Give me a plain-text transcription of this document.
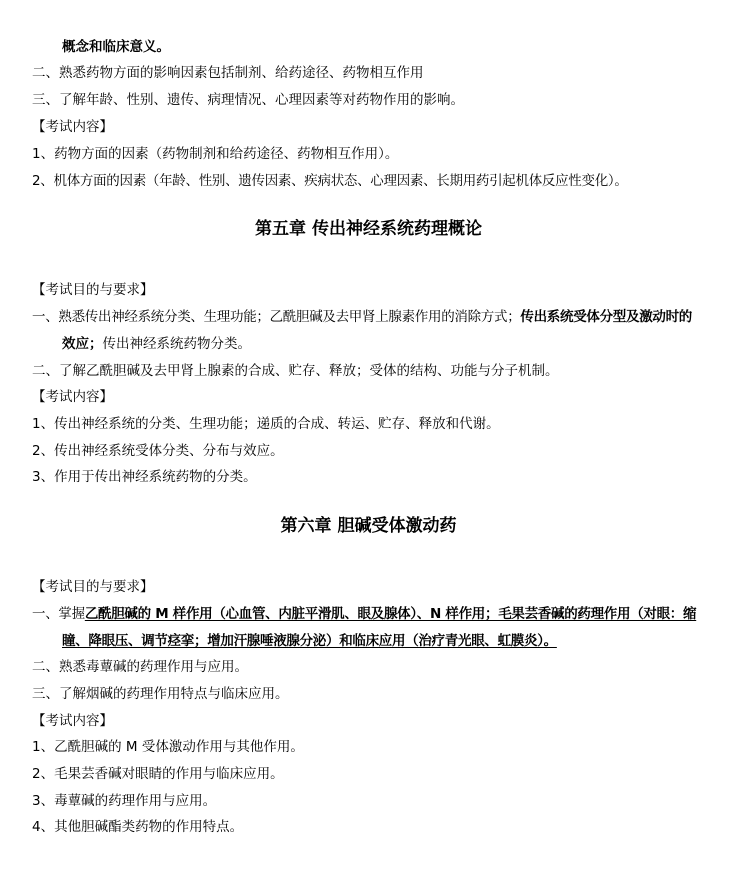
概念和临床意义。
二、熟悉药物方面的影响因素包括制剂、给药途径、药物相互作用
三、了解年龄、性别、遗传、病理情况、心理因素等对药物作用的影响。
【考试内容】
1、药物方面的因素（药物制剂和给药途径、药物相互作用）。
2、机体方面的因素（年龄、性别、遗传因素、疾病状态、心理因素、长期用药引起机体反应性变化）。
第五章 传出神经系统药理概论
【考试目的与要求】
一、熟悉传出神经系统分类、生理功能；乙酰胆碱及去甲肾上腺素作用的消除方式；传出系统受体分型及激动时的
效应；传出神经系统药物分类。
二、了解乙酰胆碱及去甲肾上腺素的合成、贮存、释放；受体的结构、功能与分子机制。
【考试内容】
1、传出神经系统的分类、生理功能；递质的合成、转运、贮存、释放和代谢。
2、传出神经系统受体分类、分布与效应。
3、作用于传出神经系统药物的分类。
第六章 胆碱受体激动药
【考试目的与要求】
一、掌握乙酰胆碱的 M 样作用（心血管、内脏平滑肌、眼及腺体）、N 样作用；毛果芸香碱的药理作用（对眼：缩
瞳、降眼压、调节痉挛；增加汗腺唾液腺分泌）和临床应用（治疗青光眼、虹膜炎）。
二、熟悉毒蕈碱的药理作用与应用。
三、了解烟碱的药理作用特点与临床应用。
【考试内容】
1、乙酰胆碱的 M 受体激动作用与其他作用。
2、毛果芸香碱对眼睛的作用与临床应用。
3、毒蕈碱的药理作用与应用。
4、其他胆碱酯类药物的作用特点。
